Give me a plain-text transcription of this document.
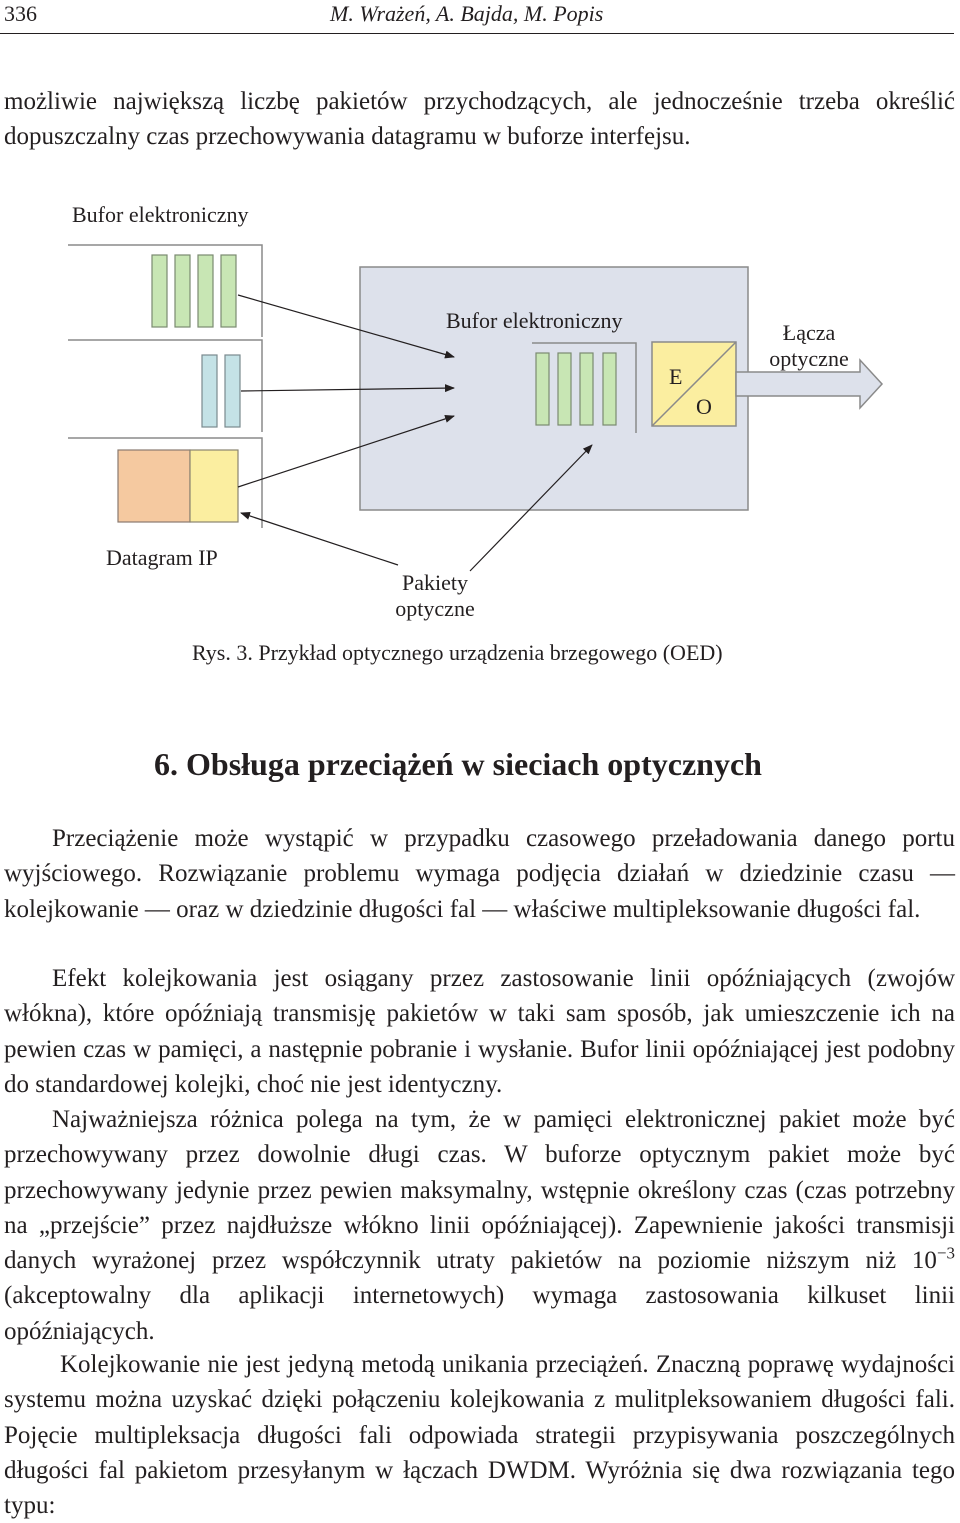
336	M. Wrażeń, A. Bajda, M. Popis

możliwie największą liczbę pakietów przychodzących, ale jednocześnie trzeba określić dopuszczalny czas przechowywania datagramu w buforze interfejsu.

Bufor elektroniczny
Bufor elektroniczny	Łącza
optyczne
E
O
Datagram IP
Pakiety
optyczne
Rys. 3. Przykład optycznego urządzenia brzegowego (OED)
6. Obsługa przeciążeń w sieciach optycznych

Przeciążenie może wystąpić w przypadku czasowego przeładowania danego portu wyjściowego. Rozwiązanie problemu wymaga podjęcia działań w dziedzinie czasu — kolejkowanie — oraz w dziedzinie długości fal — właściwe multipleksowanie długości fal.

Efekt kolejkowania jest osiągany przez zastosowanie linii opóźniających (zwojów włókna), które opóźniają transmisję pakietów w taki sam sposób, jak umieszczenie ich na pewien czas w pamięci, a następnie pobranie i wysłanie. Bufor linii opóźniającej jest podobny do standardowej kolejki, choć nie jest identyczny.

Najważniejsza różnica polega na tym, że w pamięci elektronicznej pakiet może być przechowywany przez dowolnie długi czas. W buforze optycznym pakiet może być przechowywany jedynie przez pewien maksymalny, wstępnie określony czas (czas potrzebny na „przejście” przez najdłuższe włókno linii opóźniającej). Zapewnienie jakości transmisji danych wyrażonej przez współczynnik utraty pakietów na poziomie niższym niż $10^{-3}$ (akceptowalny dla aplikacji internetowych) wymaga zastosowania kilkuset linii opóźniających.

Kolejkowanie nie jest jedyną metodą unikania przeciążeń. Znaczną poprawę wydajności systemu można uzyskać dzięki połączeniu kolejkowania z mulitpleksowaniem długości fali. Pojęcie multipleksacja długości fali odpowiada strategii przypisywania poszczególnych długości fal pakietom przesyłanym w łączach DWDM. Wyróżnia się dwa rozwiązania tego typu:
